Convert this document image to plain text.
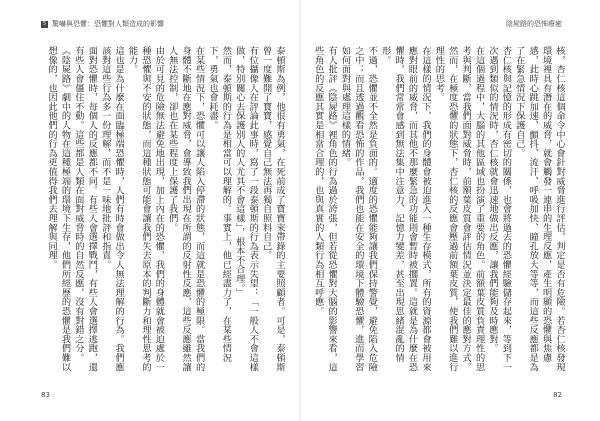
5 驚嚇與恐懼：恐懼對人類造成的影響

泰頓斯為例，他很有勇氣，在死前成了寶寶來帶錄的主要照顧者。可是，泰頓斯曾一度難開了寶寶，感覺自己無法再獨自照料自己。

有位攝像人在評論此事時，寫了一段泰頓斯的行為表示失望：「一般人不會這樣做，特別關心去保護別人的人尤其不會這樣」，根本不合理。」

然而，泰頓斯的行為是相當可以理解的。事實上，他已經盡力了，在某些情況下，勇氣也會耗盡。

在某些情況下，恐懼可以讓人陷入停滯的狀態，而這就是恐懼的極限。當我們的身體不斷地在應對威脅，會導致我們出現在所謂的反射性反應，這些反應雖然讓人無法控制，卻也在某些程度上保護了我們。

由於可見的危險無法避免地出現，加上內在的恐懼，我們的身體就會被迫處於一種恐懼與不安的狀態，而這種狀態可能會讓我們失去原本的判斷力和理性思考的能力。

這也是為什麼在面臨極端恐懼時，人們有時會做出令人無法理解的行為。我們應該對這些行為多一份理解，而不是一味地批評和指責。

面對恐懼時，每個人的反應都不同。有些人會選擇戰鬥，有些人會選擇逃跑，還有些人會僵住不動。這些都是人類在面對威脅時的自然反應，沒有對錯之分。

《陰屍路》劇中的人物在這種極端的環境下生存，他們所經歷的恐懼是我們難以想像的，也因此他們的行為更值得我們去理解與同理。

83
陰屍路的恐怖療癒

核，杏仁核這個命令中心會針對威脅進行評估，判定是否有危險。若杏仁核發現環境裡具有潛在的威脅，就會觸發一連串的生理反應，產生明顯的恐懼與焦慮感，此時心跳加速、顫抖、流汗、呼吸加快、瞳孔放大等等，而這些反應都是為了在緊急情況下保護自己。

杏仁核與記憶的形成有密切的關係，也會將過去的恐懼經驗儲存起來，等到下一次遇到類似的情況時，杏仁核就會迅速地做出反應，讓我們能夠及時應對。

在這個過程中，大腦的其他區域也扮演了重要的角色。前額葉皮質負責理性的思考與判斷，當我們面對威脅時，前額葉皮質會評估情況並決定最佳的應對方式。然而，在極度恐懼的狀態下，杏仁核的反應會壓過前額葉皮質，使我們難以進行理性的思考。

在這樣的情況下，我們的身體會被迫進入一種生存模式，所有的資源都會被用來應對眼前的威脅，而其他不那麼緊急的功能則會暫時被擱置。這就是為什麼在恐懼時，我們常常會感到無法集中注意力、記憶力變差，甚至出現思緒混亂的情形。

不過，恐懼並不全然是負面的。適度的恐懼能夠讓我們保持警覺，避免陷入危險之中；而且透過觀看恐怖的作品，我們也能在安全的環境下體驗恐懼，進而學習如何面對與處理這樣的情緒。

有人批評《陰屍路》裡角色的行為過於誇張，但若從恐懼對大腦的影響來看，這些角色的反應其實是相當合理的，也與真實的人類行為相互呼應。

82
